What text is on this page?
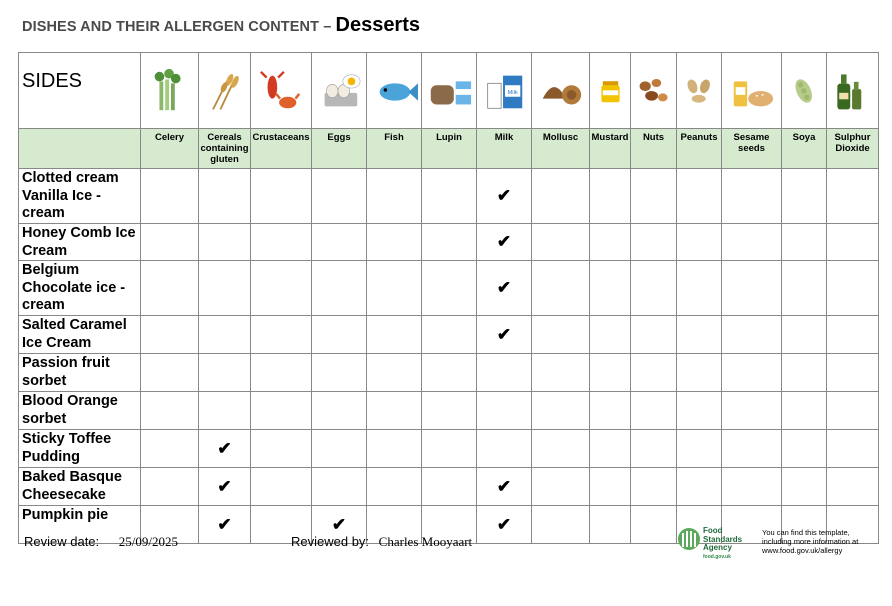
DISHES AND THEIR ALLERGEN CONTENT – Desserts
SIDES							Milk

	Celery	Cereals containing gluten	Crustaceans	Eggs	Fish	Lupin	Milk	Mollusc	Mustard	Nuts	Peanuts	Sesame seeds	Soya	Sulphur Dioxide
Clotted cream Vanilla Ice - cream							✔							
Honey Comb Ice Cream							✔							
Belgium Chocolate ice - cream							✔							
Salted Caramel Ice Cream							✔							
Passion fruit sorbet														
Blood Orange sorbet														
Sticky Toffee Pudding		✔												
Baked Basque Cheesecake		✔					✔							
Pumpkin pie		✔		✔			✔							
Review date: 25/09/2025	Reviewed by: Charles Mooyaart
Food
Standards
Agency
food.gov.uk
You can find this template,
including more information at
www.food.gov.uk/allergy
